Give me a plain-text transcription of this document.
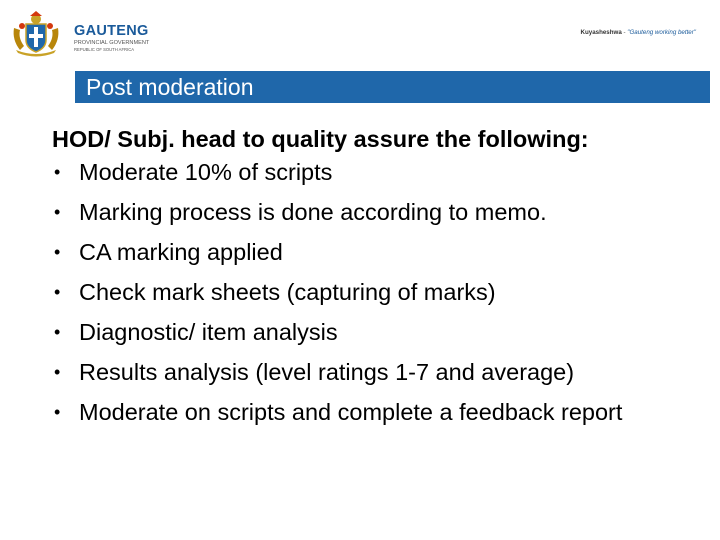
GAUTENG
PROVINCIAL GOVERNMENT
REPUBLIC OF SOUTH AFRICA
Kuyasheshwa - "Gauteng working better"
Post moderation
HOD/ Subj. head to quality assure the following:
• Moderate 10% of scripts
• Marking process is done according to memo.
• CA marking applied
• Check mark sheets (capturing of marks)
• Diagnostic/ item analysis
• Results analysis (level ratings 1-7 and average)
• Moderate on scripts and complete a feedback report
